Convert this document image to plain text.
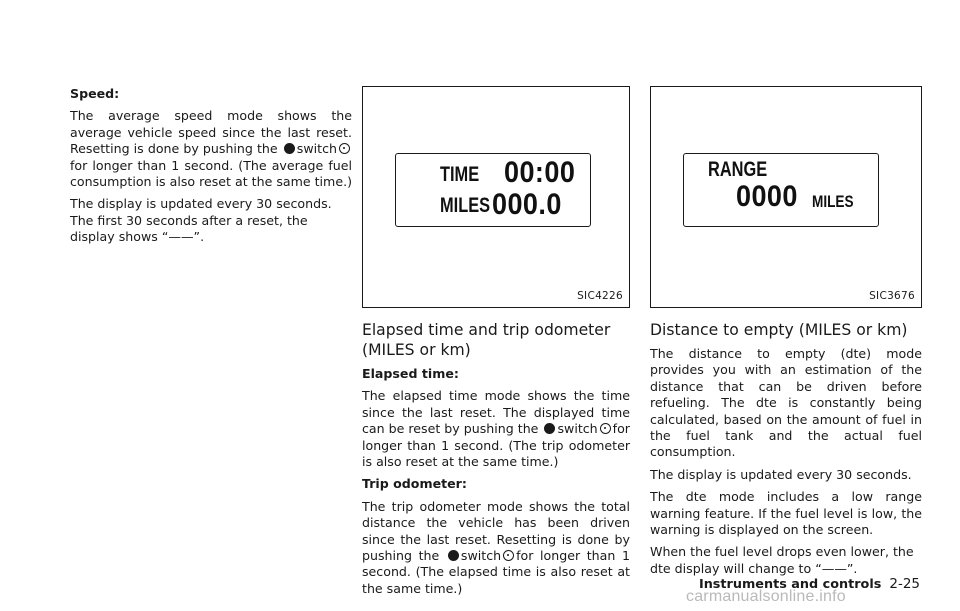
Speed:

The average speed mode shows the average vehicle speed since the last reset. Resetting is done by pushing the switchfor longer than 1 second. (The average fuel consumption is also reset at the same time.)

The display is updated every 30 seconds. The first 30 seconds after a reset, the display shows “——”.

TIME 00:00
MILES 000.0
SIC4226
RANGE
0000 MILES
SIC3676
Elapsed time and trip odometer (MILES or km)

Elapsed time:

The elapsed time mode shows the time since the last reset. The displayed time can be reset by pushing the switch for longer than 1 second. (The trip odometer is also reset at the same time.)

Trip odometer:

The trip odometer mode shows the total distance the vehicle has been driven since the last reset. Resetting is done by pushing the switch for longer than 1 second. (The elapsed time is also reset at the same time.)

Distance to empty (MILES or km)

The distance to empty (dte) mode provides you with an estimation of the distance that can be driven before refueling. The dte is constantly being calculated, based on the amount of fuel in the fuel tank and the actual fuel consumption.

The display is updated every 30 seconds.

The dte mode includes a low range warning feature. If the fuel level is low, the warning is displayed on the screen.

When the fuel level drops even lower, the dte display will change to “——”.

Instruments and controls 2-25
carmanualsonline.info
